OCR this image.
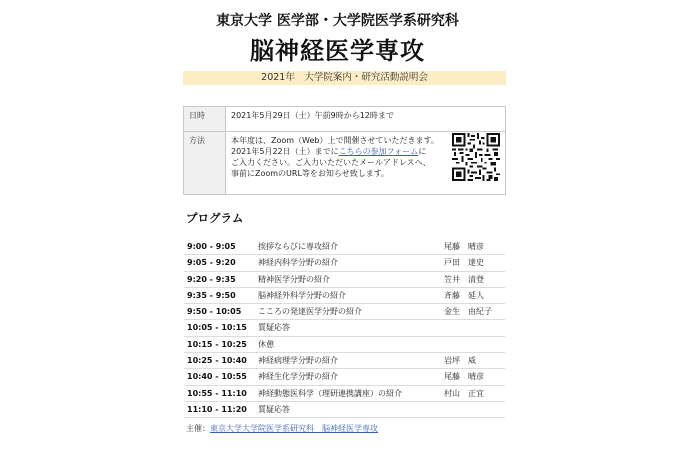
東京大学 医学部・大学院医学系研究科
脳神経医学専攻
2021年　大学院案内・研究活動説明会
日時	2021年5月29日（土）午前9時から12時まで
方法	本年度は、Zoom（Web）上で開催させていただきます。
2021年5月22日（土）までにこちらの参加フォームに
ご入力ください。ご入力いただいたメールアドレスへ、
事前にZoomのURL等をお知らせ致します。
プログラム
9:00 - 9:05	挨拶ならびに専攻紹介	尾藤　晴彦
9:05 - 9:20	神経内科学分野の紹介	戸田　達史
9:20 - 9:35	精神医学分野の紹介	笠井　清登
9:35 - 9:50	脳神経外科学分野の紹介	斉藤　延人
9:50 - 10:05 こころの発達医学分野の紹介	金生　由紀子
10:05 - 10:15 質疑応答
10:15 - 10:25 休憩
10:25 - 10:40 神経病理学分野の紹介	岩坪　威
10:40 - 10:55 神経生化学分野の紹介	尾藤　晴彦
10:55 - 11:10 神経動態医科学（理研連携講座）の紹介	村山　正宜
11:10 - 11:20 質疑応答
主催：東京大学大学院医学系研究科　脳神経医学専攻
